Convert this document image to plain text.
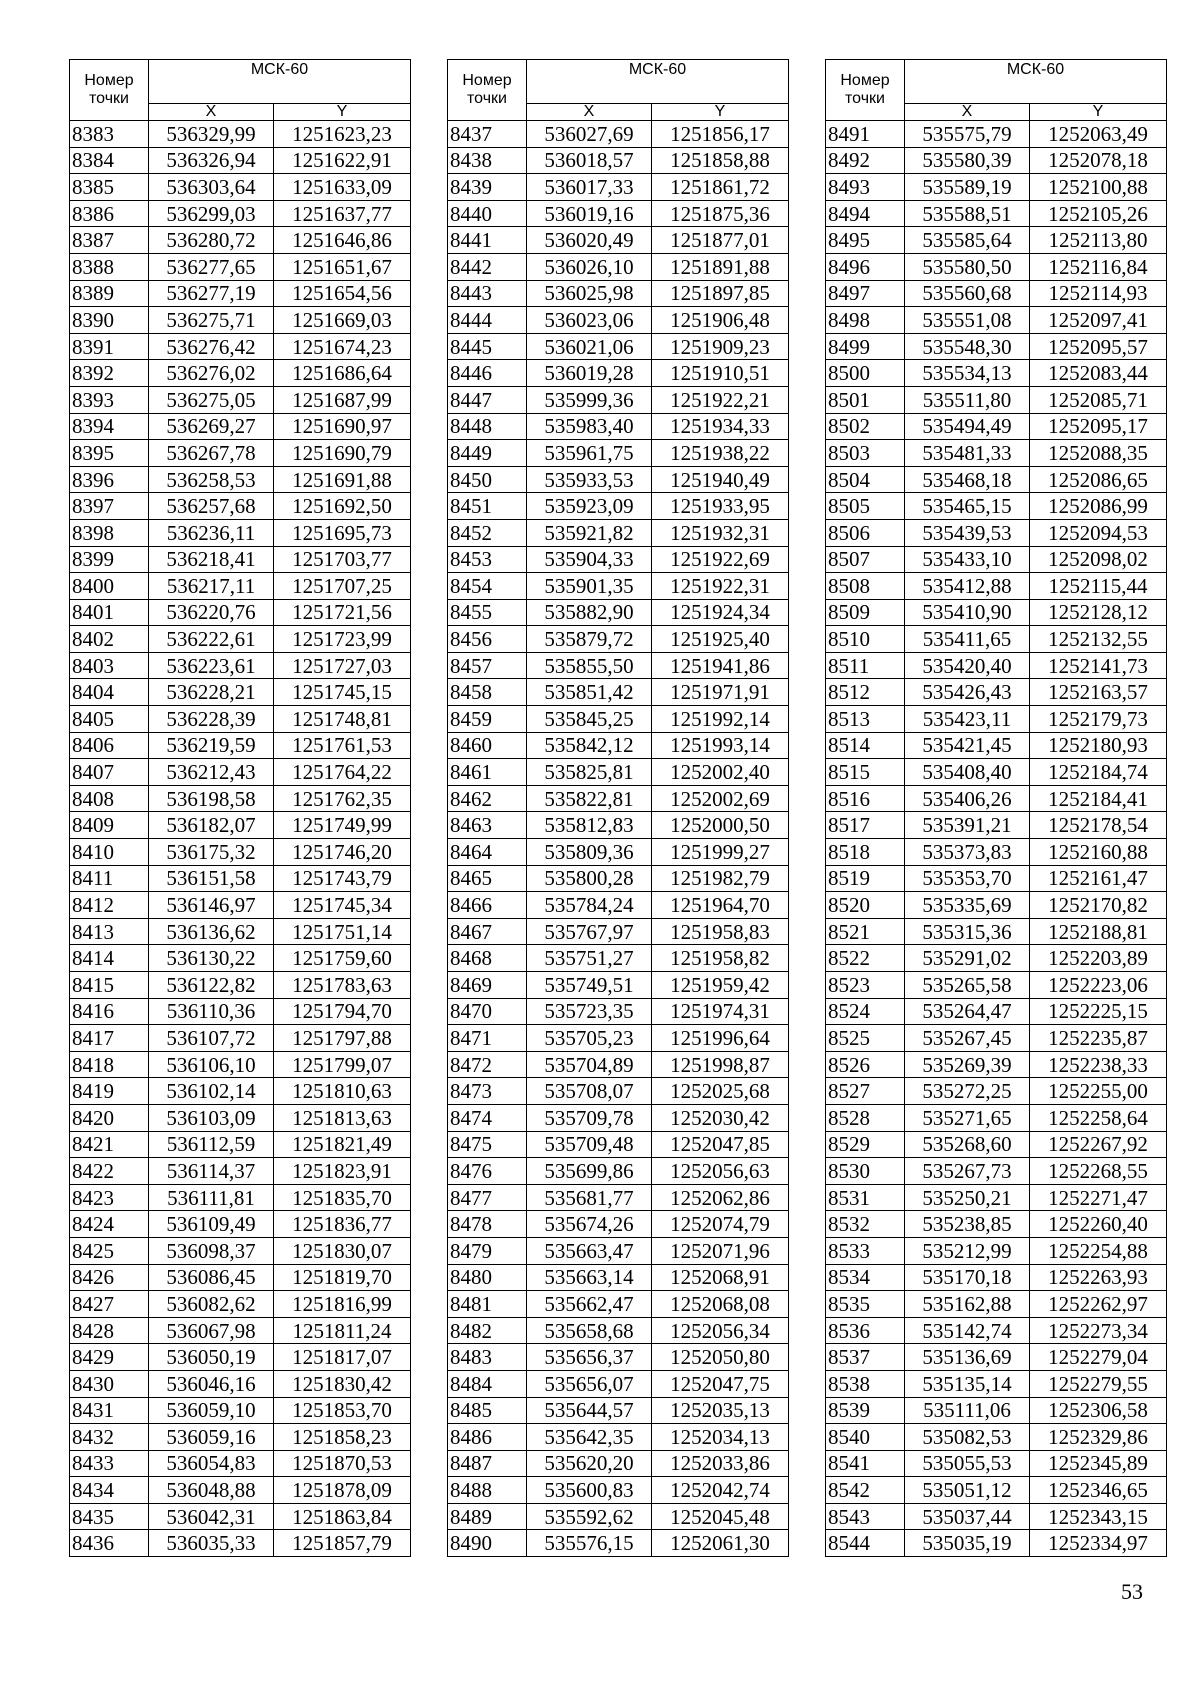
Номер
точки	МСК-60	
	X	Y
8383	536329,99	1251623,23
8384	536326,94	1251622,91
8385	536303,64	1251633,09
8386	536299,03	1251637,77
8387	536280,72	1251646,86
8388	536277,65	1251651,67
8389	536277,19	1251654,56
8390	536275,71	1251669,03
8391	536276,42	1251674,23
8392	536276,02	1251686,64
8393	536275,05	1251687,99
8394	536269,27	1251690,97
8395	536267,78	1251690,79
8396	536258,53	1251691,88
8397	536257,68	1251692,50
8398	536236,11	1251695,73
8399	536218,41	1251703,77
8400	536217,11	1251707,25
8401	536220,76	1251721,56
8402	536222,61	1251723,99
8403	536223,61	1251727,03
8404	536228,21	1251745,15
8405	536228,39	1251748,81
8406	536219,59	1251761,53
8407	536212,43	1251764,22
8408	536198,58	1251762,35
8409	536182,07	1251749,99
8410	536175,32	1251746,20
8411	536151,58	1251743,79
8412	536146,97	1251745,34
8413	536136,62	1251751,14
8414	536130,22	1251759,60
8415	536122,82	1251783,63
8416	536110,36	1251794,70
8417	536107,72	1251797,88
8418	536106,10	1251799,07
8419	536102,14	1251810,63
8420	536103,09	1251813,63
8421	536112,59	1251821,49
8422	536114,37	1251823,91
8423	536111,81	1251835,70
8424	536109,49	1251836,77
8425	536098,37	1251830,07
8426	536086,45	1251819,70
8427	536082,62	1251816,99
8428	536067,98	1251811,24
8429	536050,19	1251817,07
8430	536046,16	1251830,42
8431	536059,10	1251853,70
8432	536059,16	1251858,23
8433	536054,83	1251870,53
8434	536048,88	1251878,09
8435	536042,31	1251863,84
8436	536035,33	1251857,79
Номер
точки	МСК-60	
	X	Y
8437	536027,69	1251856,17
8438	536018,57	1251858,88
8439	536017,33	1251861,72
8440	536019,16	1251875,36
8441	536020,49	1251877,01
8442	536026,10	1251891,88
8443	536025,98	1251897,85
8444	536023,06	1251906,48
8445	536021,06	1251909,23
8446	536019,28	1251910,51
8447	535999,36	1251922,21
8448	535983,40	1251934,33
8449	535961,75	1251938,22
8450	535933,53	1251940,49
8451	535923,09	1251933,95
8452	535921,82	1251932,31
8453	535904,33	1251922,69
8454	535901,35	1251922,31
8455	535882,90	1251924,34
8456	535879,72	1251925,40
8457	535855,50	1251941,86
8458	535851,42	1251971,91
8459	535845,25	1251992,14
8460	535842,12	1251993,14
8461	535825,81	1252002,40
8462	535822,81	1252002,69
8463	535812,83	1252000,50
8464	535809,36	1251999,27
8465	535800,28	1251982,79
8466	535784,24	1251964,70
8467	535767,97	1251958,83
8468	535751,27	1251958,82
8469	535749,51	1251959,42
8470	535723,35	1251974,31
8471	535705,23	1251996,64
8472	535704,89	1251998,87
8473	535708,07	1252025,68
8474	535709,78	1252030,42
8475	535709,48	1252047,85
8476	535699,86	1252056,63
8477	535681,77	1252062,86
8478	535674,26	1252074,79
8479	535663,47	1252071,96
8480	535663,14	1252068,91
8481	535662,47	1252068,08
8482	535658,68	1252056,34
8483	535656,37	1252050,80
8484	535656,07	1252047,75
8485	535644,57	1252035,13
8486	535642,35	1252034,13
8487	535620,20	1252033,86
8488	535600,83	1252042,74
8489	535592,62	1252045,48
8490	535576,15	1252061,30
Номер
точки	МСК-60	
	X	Y
8491	535575,79	1252063,49
8492	535580,39	1252078,18
8493	535589,19	1252100,88
8494	535588,51	1252105,26
8495	535585,64	1252113,80
8496	535580,50	1252116,84
8497	535560,68	1252114,93
8498	535551,08	1252097,41
8499	535548,30	1252095,57
8500	535534,13	1252083,44
8501	535511,80	1252085,71
8502	535494,49	1252095,17
8503	535481,33	1252088,35
8504	535468,18	1252086,65
8505	535465,15	1252086,99
8506	535439,53	1252094,53
8507	535433,10	1252098,02
8508	535412,88	1252115,44
8509	535410,90	1252128,12
8510	535411,65	1252132,55
8511	535420,40	1252141,73
8512	535426,43	1252163,57
8513	535423,11	1252179,73
8514	535421,45	1252180,93
8515	535408,40	1252184,74
8516	535406,26	1252184,41
8517	535391,21	1252178,54
8518	535373,83	1252160,88
8519	535353,70	1252161,47
8520	535335,69	1252170,82
8521	535315,36	1252188,81
8522	535291,02	1252203,89
8523	535265,58	1252223,06
8524	535264,47	1252225,15
8525	535267,45	1252235,87
8526	535269,39	1252238,33
8527	535272,25	1252255,00
8528	535271,65	1252258,64
8529	535268,60	1252267,92
8530	535267,73	1252268,55
8531	535250,21	1252271,47
8532	535238,85	1252260,40
8533	535212,99	1252254,88
8534	535170,18	1252263,93
8535	535162,88	1252262,97
8536	535142,74	1252273,34
8537	535136,69	1252279,04
8538	535135,14	1252279,55
8539	535111,06	1252306,58
8540	535082,53	1252329,86
8541	535055,53	1252345,89
8542	535051,12	1252346,65
8543	535037,44	1252343,15
8544	535035,19	1252334,97
53
